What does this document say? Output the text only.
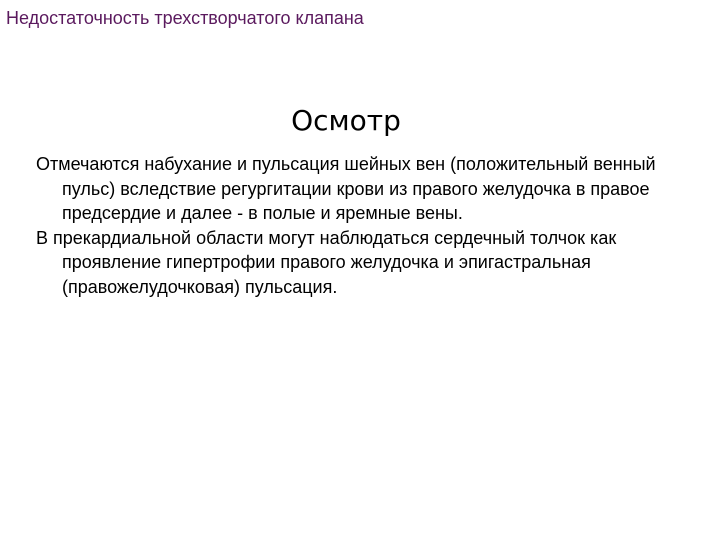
Недостаточность трехстворчатого клапана
Осмотр

Отмечаются набухание и пульсация шейных вен (положительный венный пульс) вследствие регургитации крови из правого желудочка в правое предсердие и далее - в полые и яремные вены.

В прекардиальной области могут наблюдаться сердечный толчок как проявление гипертрофии правого желудочка и эпигастральная (правожелудочковая) пульсация.
